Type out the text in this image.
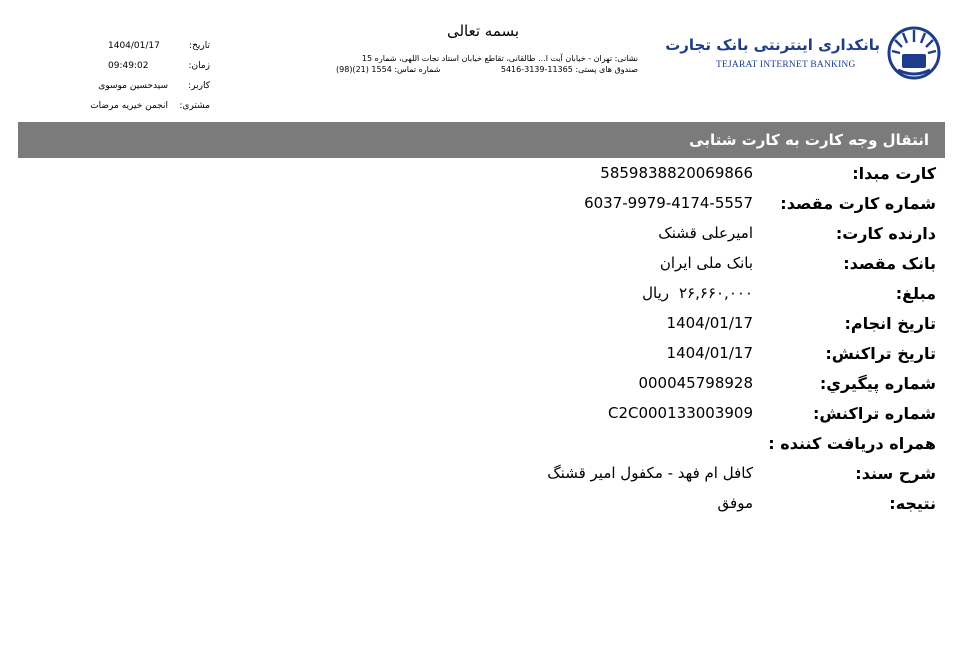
بسمه تعالی
تاریخ:
1404/01/17
زمان:
09:49:02
کاربر:
سیدحسین موسوی
مشتری:
انجمن خیریه مرضات
نشانی: تهران - خیابان آیت ا... طالقانی، تقاطع خیابان استاد نجات اللهی، شماره 15
صندوق های پستی: 11365-3139-5416
شماره تماس: 1554 (21)(98)
بانکداری اینترنتی بانک تجارت
TEJARAT INTERNET BANKING
انتقال وجه کارت به کارت شتابی
کارت مبدا:
5859838820069866
شماره کارت مقصد:
6037-9979-4174-5557
دارنده کارت:
امیرعلی قشنک
بانک مقصد:
بانک ملی ایران
مبلغ:
۲۶,۶۶۰,۰۰۰ریال
تاریخ انجام:
1404/01/17
تاریخ تراکنش:
1404/01/17
شماره پیگيري:
000045798928
شماره تراکنش:
C2C000133003909
همراه دریافت کننده :
شرح سند:
کافل ام فهد - مکفول امیر قشنگ
نتیجه:
موفق
